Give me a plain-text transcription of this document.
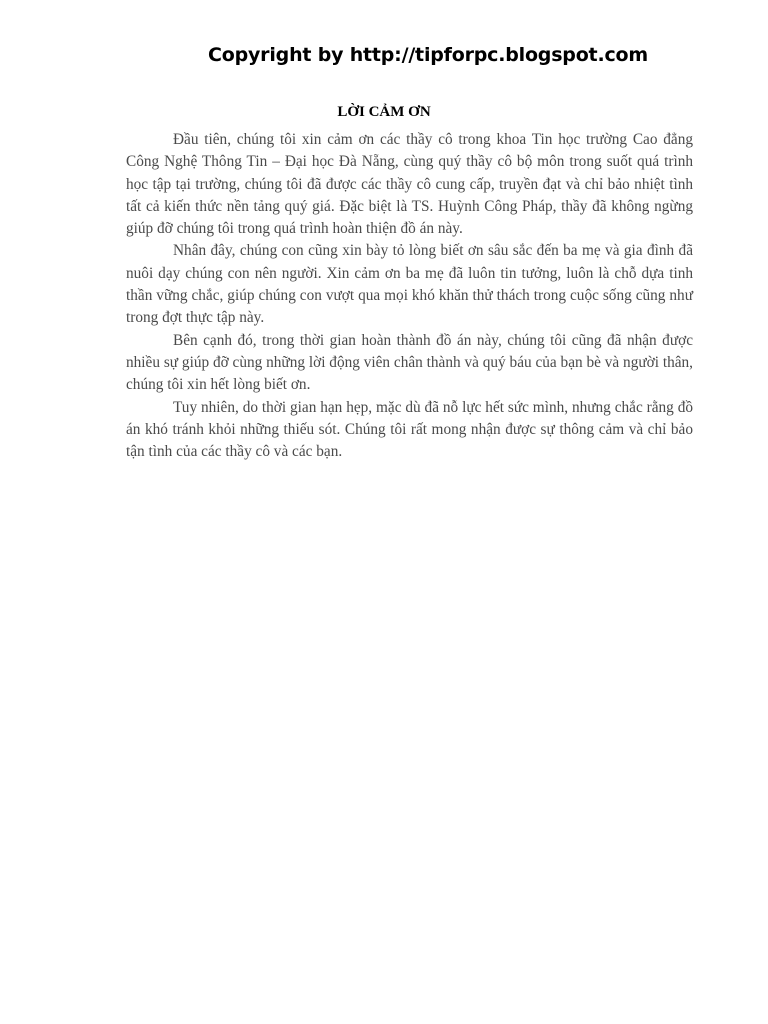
Copyright by http://tipforpc.blogspot.com
LỜI CẢM ƠN

Đầu tiên, chúng tôi xin cảm ơn các thầy cô trong khoa Tin học trường Cao đẳng Công Nghệ Thông Tin – Đại học Đà Nẵng, cùng quý thầy cô bộ môn trong suốt quá trình học tập tại trường, chúng tôi đã được các thầy cô cung cấp, truyền đạt và chỉ bảo nhiệt tình tất cả kiến thức nền tảng quý giá. Đặc biệt là TS. Huỳnh Công Pháp, thầy đã không ngừng giúp đỡ chúng tôi trong quá trình hoàn thiện đồ án này.

Nhân đây, chúng con cũng xin bày tỏ lòng biết ơn sâu sắc đến ba mẹ và gia đình đã nuôi dạy chúng con nên người. Xin cảm ơn ba mẹ đã luôn tin tưởng, luôn là chỗ dựa tinh thần vững chắc, giúp chúng con vượt qua mọi khó khăn thử thách trong cuộc sống cũng như trong đợt thực tập này.

Bên cạnh đó, trong thời gian hoàn thành đồ án này, chúng tôi cũng đã nhận được nhiều sự giúp đỡ cùng những lời động viên chân thành và quý báu của bạn bè và người thân, chúng tôi xin hết lòng biết ơn.

Tuy nhiên, do thời gian hạn hẹp, mặc dù đã nỗ lực hết sức mình, nhưng chắc rằng đồ án khó tránh khỏi những thiếu sót. Chúng tôi rất mong nhận được sự thông cảm và chỉ bảo tận tình của các thầy cô và các bạn.
